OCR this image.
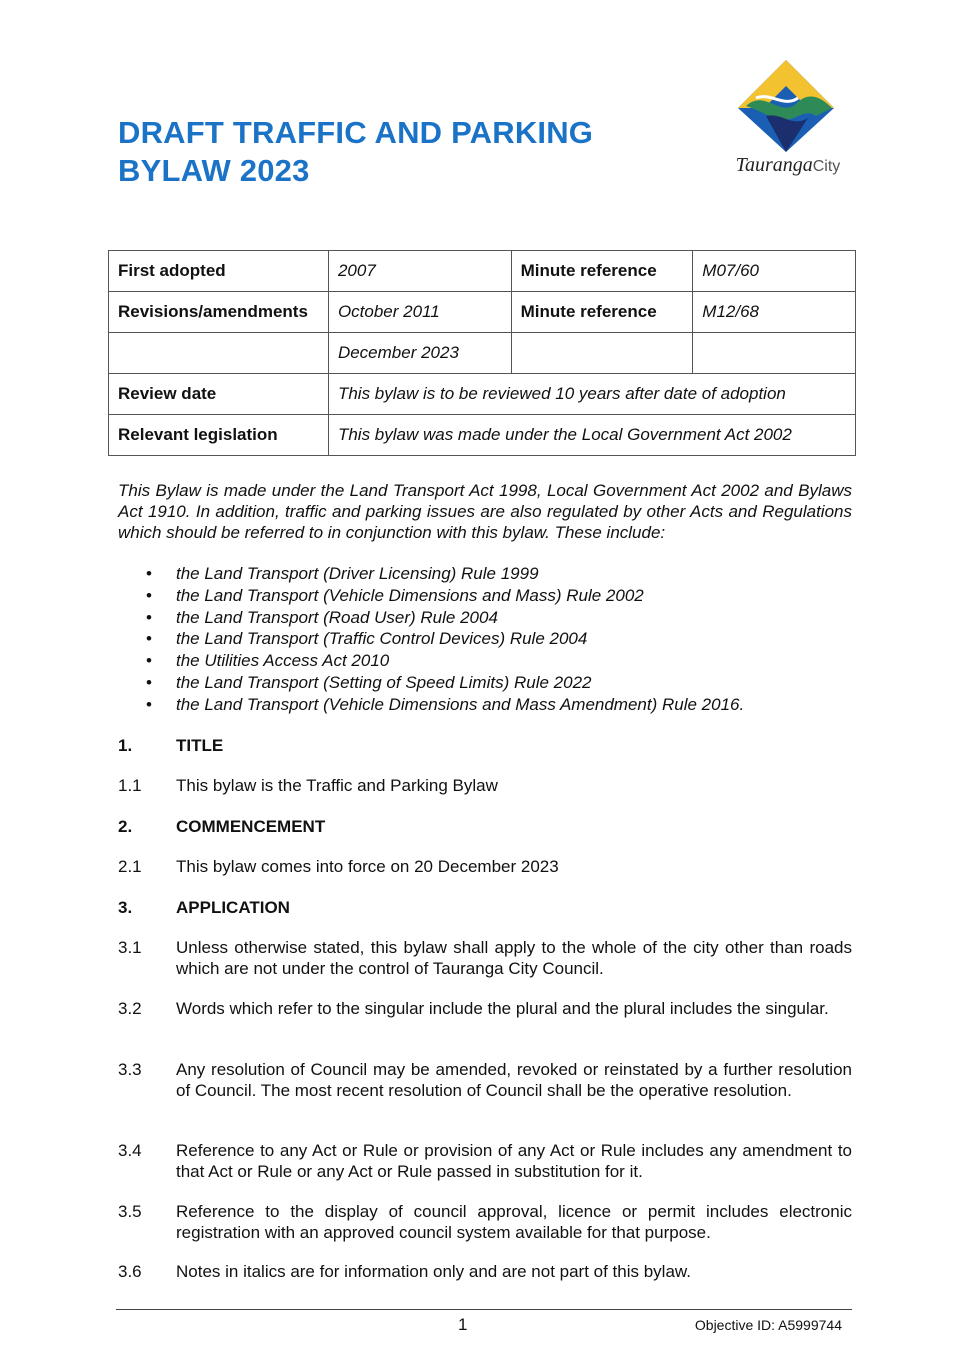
DRAFT TRAFFIC AND PARKING
BYLAW 2023	TaurangaCity
First adopted	2007	Minute reference	M07/60
Revisions/amendments	October 2011	Minute reference	M12/68
	December 2023		
Review date	This bylaw is to be reviewed 10 years after date of adoption		
Relevant legislation	This bylaw was made under the Local Government Act 2002		

This Bylaw is made under the Land Transport Act 1998, Local Government Act 2002 and Bylaws Act 1910. In addition, traffic and parking issues are also regulated by other Acts and Regulations which should be referred to in conjunction with this bylaw. These include:

• the Land Transport (Driver Licensing) Rule 1999
• the Land Transport (Vehicle Dimensions and Mass) Rule 2002
• the Land Transport (Road User) Rule 2004
• the Land Transport (Traffic Control Devices) Rule 2004
• the Utilities Access Act 2010
• the Land Transport (Setting of Speed Limits) Rule 2022
• the Land Transport (Vehicle Dimensions and Mass Amendment) Rule 2016.
1.	TITLE
1.1 This bylaw is the Traffic and Parking Bylaw
2.	COMMENCEMENT
2.1 This bylaw comes into force on 20 December 2023
3.	APPLICATION
3.1 Unless otherwise stated, this bylaw shall apply to the whole of the city other than roads which are not under the control of Tauranga City Council.
3.2 Words which refer to the singular include the plural and the plural includes the singular.
3.3 Any resolution of Council may be amended, revoked or reinstated by a further resolution of Council. The most recent resolution of Council shall be the operative resolution.
3.4 Reference to any Act or Rule or provision of any Act or Rule includes any amendment to that Act or Rule or any Act or Rule passed in substitution for it.
3.5 Reference to the display of council approval, licence or permit includes electronic registration with an approved council system available for that purpose.
3.6 Notes in italics are for information only and are not part of this bylaw.
1	Objective ID: A5999744
